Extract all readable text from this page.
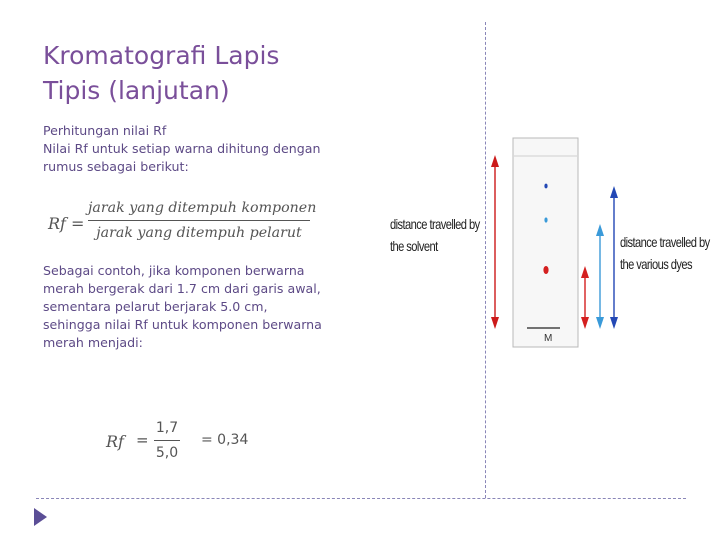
Kromatografi Lapis Tipis (lanjutan)
Perhitungan nilai Rf
Nilai Rf untuk setiap warna dihitung dengan rumus sebagai berikut:
Rf =
jarak yang ditempuh komponen
jarak yang ditempuh pelarut
Sebagai contoh, jika komponen berwarna merah bergerak dari 1.7 cm dari garis awal, sementara pelarut berjarak 5.0 cm, sehingga nilai Rf untuk komponen berwarna merah menjadi:
Rf =
1,7
5,0
= 0,34
distance travelled by
the solvent	distance travelled by
the various dyes
M
